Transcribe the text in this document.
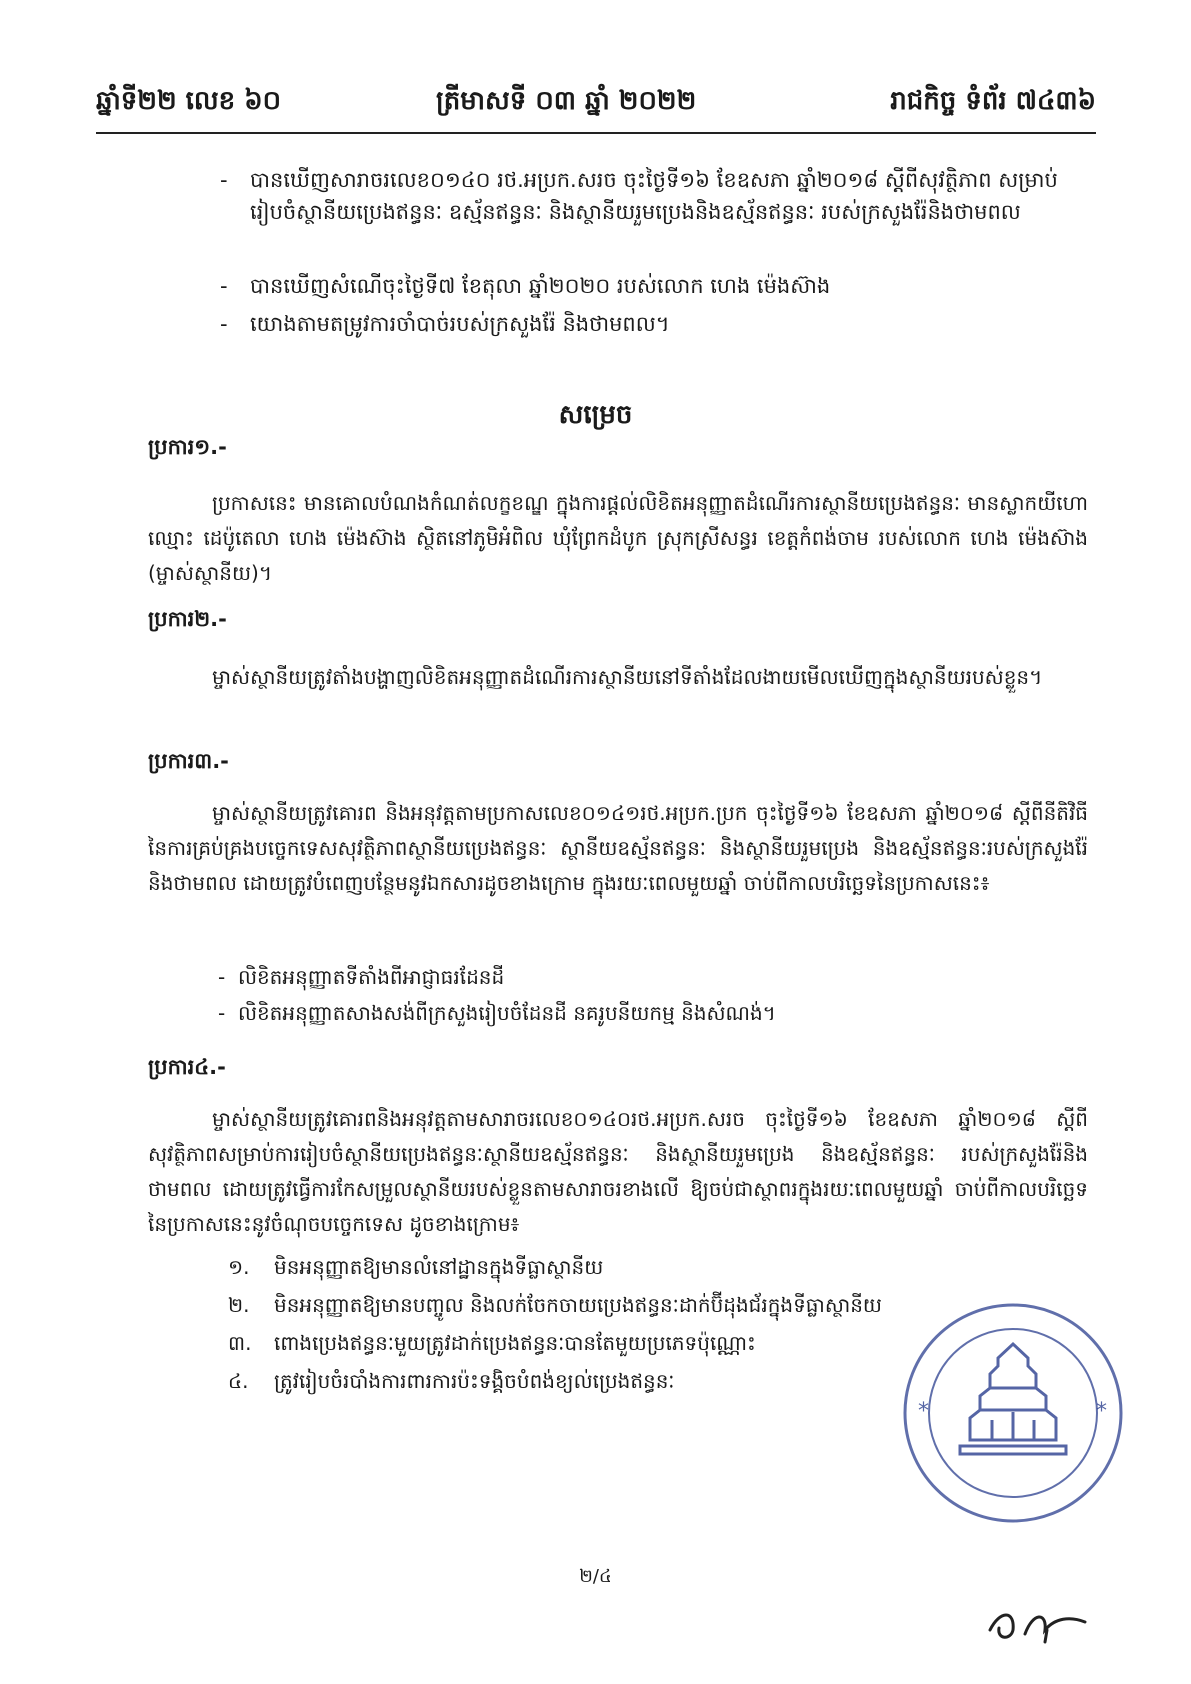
ឆ្នាំទី២២ លេខ ៦០	ត្រីមាសទី ០៣ ឆ្នាំ ២០២២	រាជកិច្ច ទំព័រ ៧៤៣៦
- បានឃើញសារាចរលេខ០១៤០ រថ.អប្រក.សរច ចុះថ្ងៃទី១៦ ខែឧសភា ឆ្នាំ២០១៨ ស្តីពីសុវត្ថិភាព សម្រាប់រៀបចំស្ថានីយប្រេងឥន្ធនៈ ឧស្ម័នឥន្ធនៈ និងស្ថានីយរួមប្រេងនិងឧស្ម័នឥន្ធនៈ របស់ក្រសួងរ៉ែនិងថាមពល
- បានឃើញសំណើចុះថ្ងៃទី៧ ខែតុលា ឆ្នាំ២០២០ របស់លោក ហេង ម៉េងស៊ាង
- យោងតាមតម្រូវការចាំបាច់របស់ក្រសួងរ៉ែ និងថាមពល។
សម្រេច
ប្រការ១.-
ប្រកាសនេះ មានគោលបំណងកំណត់លក្ខខណ្ឌ ក្នុងការផ្តល់លិខិតអនុញ្ញាតដំណើរការស្ថានីយប្រេងឥន្ធនៈ មានស្លាកយីហោឈ្មោះ ដេប៉ូតេលា ហេង ម៉េងស៊ាង ស្ថិតនៅភូមិអំពិល ឃុំព្រែកដំបូក ស្រុកស្រីសន្ធរ ខេត្តកំពង់ចាម របស់លោក ហេង ម៉េងស៊ាង (ម្ចាស់ស្ថានីយ)។
ប្រការ២.-
ម្ចាស់ស្ថានីយត្រូវតាំងបង្ហាញលិខិតអនុញ្ញាតដំណើរការស្ថានីយនៅទីតាំងដែលងាយមើលឃើញក្នុងស្ថានីយរបស់ខ្លួន។
ប្រការ៣.-
ម្ចាស់ស្ថានីយត្រូវគោរព និងអនុវត្តតាមប្រកាសលេខ០១៤១រថ.អប្រក.ប្រក ចុះថ្ងៃទី១៦ ខែឧសភា ឆ្នាំ២០១៨ ស្តីពីនីតិវិធីនៃការគ្រប់គ្រងបច្ចេកទេសសុវត្ថិភាពស្ថានីយប្រេងឥន្ធនៈ ស្ថានីយឧស្ម័នឥន្ធនៈ និងស្ថានីយរួមប្រេង និងឧស្ម័នឥន្ធនៈរបស់ក្រសួងរ៉ែ និងថាមពល ដោយត្រូវបំពេញបន្ថែមនូវឯកសារដូចខាងក្រោម ក្នុងរយៈពេលមួយឆ្នាំ ចាប់ពីកាលបរិច្ឆេទនៃប្រកាសនេះ៖
-  លិខិតអនុញ្ញាតទីតាំងពីអាជ្ញាធរដែនដី
-  លិខិតអនុញ្ញាតសាងសង់ពីក្រសួងរៀបចំដែនដី នគរូបនីយកម្ម និងសំណង់។
ប្រការ៤.-
ម្ចាស់ស្ថានីយត្រូវគោរពនិងអនុវត្តតាមសារាចរលេខ០១៤០រថ.អប្រក.សរច ចុះថ្ងៃទី១៦ ខែឧសភា ឆ្នាំ២០១៨ ស្តីពីសុវត្ថិភាពសម្រាប់ការរៀបចំស្ថានីយប្រេងឥន្ធនៈស្ថានីយឧស្ម័នឥន្ធនៈ និងស្ថានីយរួមប្រេង និងឧស្ម័នឥន្ធនៈ របស់ក្រសួងរ៉ែនិងថាមពល ដោយត្រូវធ្វើការកែសម្រួលស្ថានីយរបស់ខ្លួនតាមសារាចរខាងលើ ឱ្យចប់ជាស្ថាពរក្នុងរយៈពេលមួយឆ្នាំ ចាប់ពីកាលបរិច្ឆេទនៃប្រកាសនេះនូវចំណុចបច្ចេកទេស ដូចខាងក្រោម៖
១. មិនអនុញ្ញាតឱ្យមានលំនៅដ្ឋានក្នុងទីធ្លាស្ថានីយ
២. មិនអនុញ្ញាតឱ្យមានបញ្ចូល និងលក់ចែកចាយប្រេងឥន្ធនៈដាក់ប៊ីដុងជ័រក្នុងទីធ្លាស្ថានីយ
៣. ពោងប្រេងឥន្ធនៈមួយត្រូវដាក់ប្រេងឥន្ធនៈបានតែមួយប្រភេទប៉ុណ្ណោះ
៤. ត្រូវរៀបចំរបាំងការពារការប៉ះទង្គិចបំពង់ខ្យល់ប្រេងឥន្ធនៈ
*	*
២/៤
